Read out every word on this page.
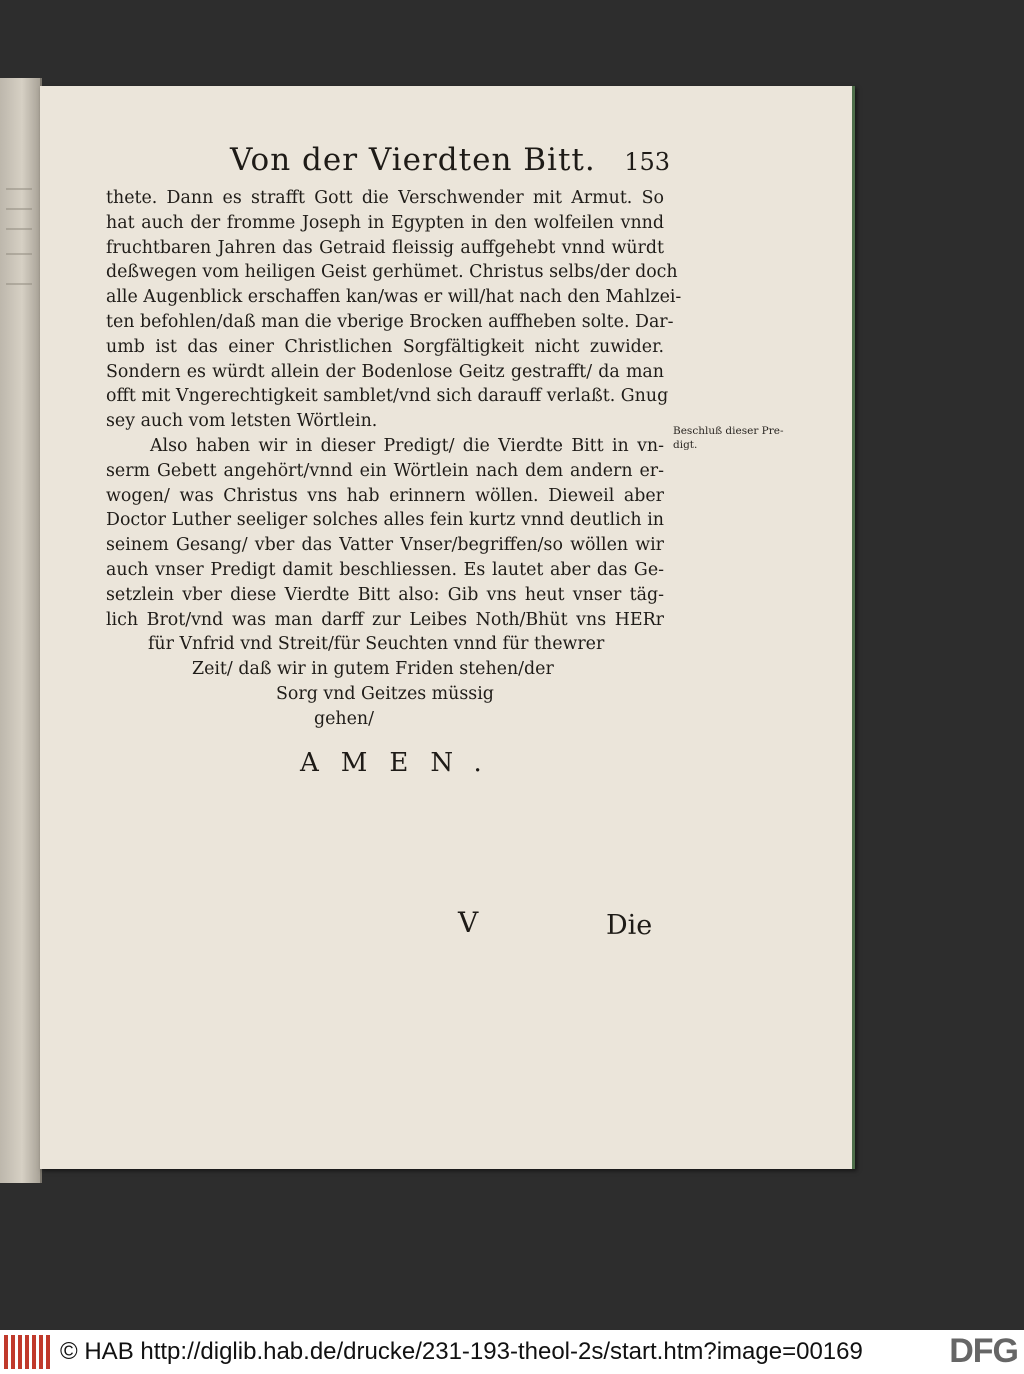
Von der Vierdten Bitt. 153
thete. Dann es strafft Gott die Verschwender mit Armut. So
hat auch der fromme Joseph in Egypten in den wolfeilen vnnd
fruchtbaren Jahren das Getraid fleissig auffgehebt vnnd würdt
deßwegen vom heiligen Geist gerhümet. Christus selbs/der doch
alle Augenblick erschaffen kan/was er will/hat nach den Mahlzei-
ten befohlen/daß man die vberige Brocken auffheben solte. Dar-
umb ist das einer Christlichen Sorgfältigkeit nicht zuwider.
Sondern es würdt allein der Bodenlose Geitz gestrafft/ da man
offt mit Vngerechtigkeit samblet/vnd sich darauff verlaßt. Gnug
sey auch vom letsten Wörtlein.
Also haben wir in dieser Predigt/ die Vierdte Bitt in vn-
serm Gebett angehört/vnnd ein Wörtlein nach dem andern er-
wogen/ was Christus vns hab erinnern wöllen. Dieweil aber
Doctor Luther seeliger solches alles fein kurtz vnnd deutlich in
seinem Gesang/ vber das Vatter Vnser/begriffen/so wöllen wir
auch vnser Predigt damit beschliessen. Es lautet aber das Ge-
setzlein vber diese Vierdte Bitt also: Gib vns heut vnser täg-
lich Brot/vnd was man darff zur Leibes Noth/Bhüt vns HERr
für Vnfrid vnd Streit/für Seuchten vnnd für thewrer
Zeit/ daß wir in gutem Friden stehen/der
Sorg vnd Geitzes müssig
gehen/
Beschluß dieser Pre-digt.
AMEN.
V	Die
© HAB http://diglib.hab.de/drucke/231-193-theol-2s/start.htm?image=00169	DFG
